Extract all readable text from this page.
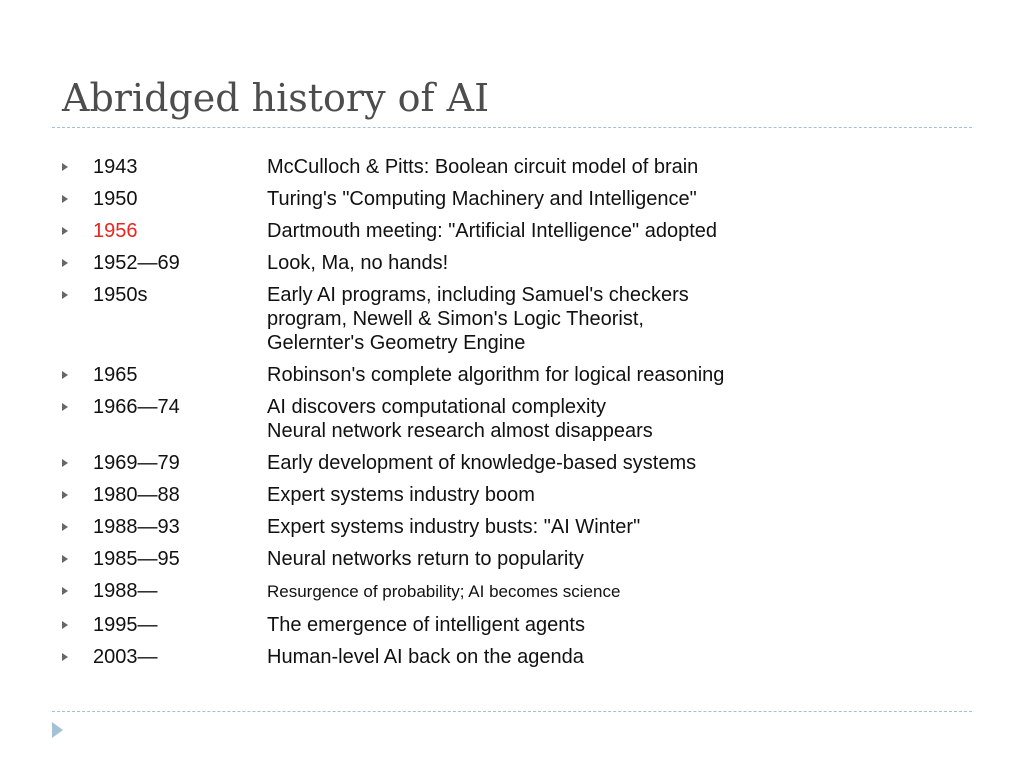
Abridged history of AI
1943	McCulloch & Pitts: Boolean circuit model of brain
1950	Turing's "Computing Machinery and Intelligence"
1956	Dartmouth meeting: "Artificial Intelligence" adopted
1952—69	Look, Ma, no hands!
1950s	Early AI programs, including Samuel's checkers
program, Newell & Simon's Logic Theorist,
Gelernter's Geometry Engine
1965	Robinson's complete algorithm for logical reasoning
1966—74	AI discovers computational complexity
Neural network research almost disappears
1969—79	Early development of knowledge-based systems
1980—88	Expert systems industry boom
1988—93	Expert systems industry busts: "AI Winter"
1985—95	Neural networks return to popularity
1988—	Resurgence of probability; AI becomes science
1995—	The emergence of intelligent agents
2003—	Human-level AI back on the agenda
